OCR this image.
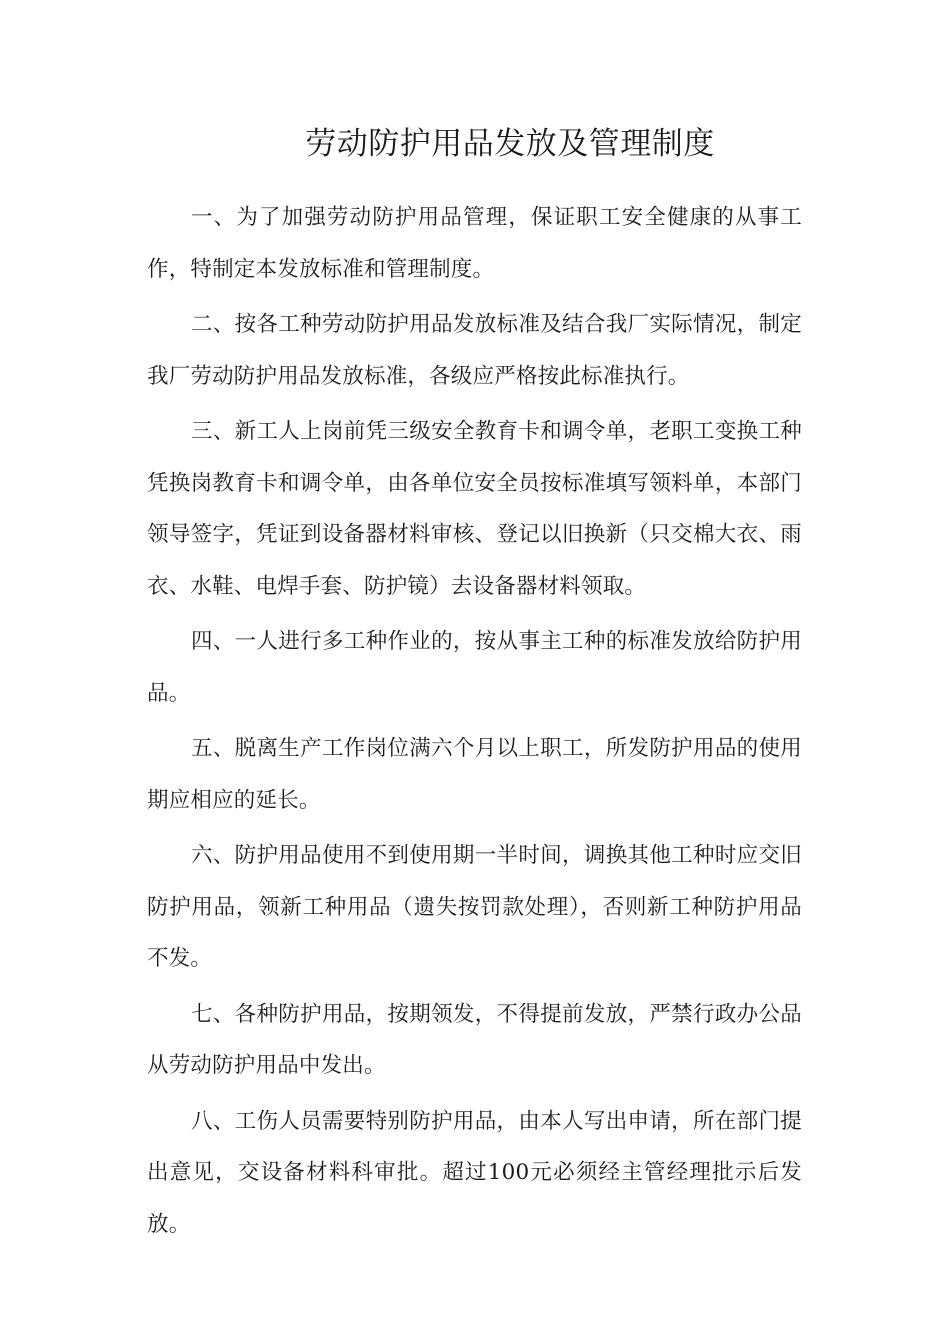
劳动防护用品发放及管理制度

一、为了加强劳动防护用品管理，保证职工安全健康的从事工作，特制定本发放标准和管理制度。

二、按各工种劳动防护用品发放标准及结合我厂实际情况，制定我厂劳动防护用品发放标准，各级应严格按此标准执行。

三、新工人上岗前凭三级安全教育卡和调令单，老职工变换工种凭换岗教育卡和调令单，由各单位安全员按标准填写领料单，本部门领导签字，凭证到设备器材料审核、登记以旧换新（只交棉大衣、雨衣、水鞋、电焊手套、防护镜）去设备器材料领取。

四、一人进行多工种作业的，按从事主工种的标准发放给防护用品。

五、脱离生产工作岗位满六个月以上职工，所发防护用品的使用期应相应的延长。

六、防护用品使用不到使用期一半时间，调换其他工种时应交旧防护用品，领新工种用品（遗失按罚款处理），否则新工种防护用品不发。

七、各种防护用品，按期领发，不得提前发放，严禁行政办公品从劳动防护用品中发出。

八、工伤人员需要特别防护用品，由本人写出申请，所在部门提出意见，交设备材料科审批。超过100元必须经主管经理批示后发放。
